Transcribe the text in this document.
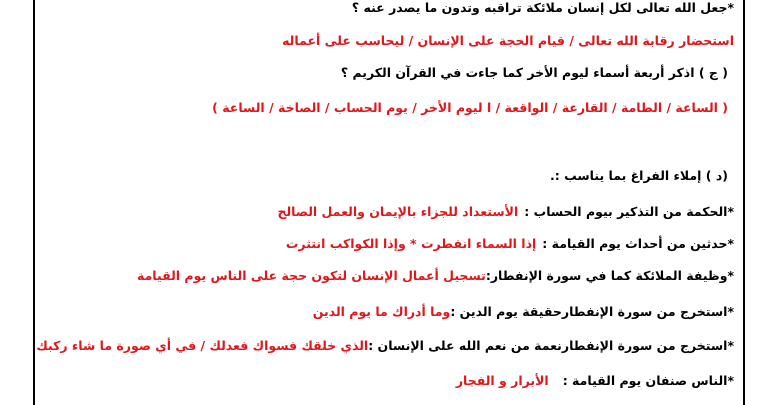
*جعل الله تعالى لكل إنسان ملائكة تراقبه وتدون ما يصدر عنه ؟
استحضار رقابة الله تعالى / قيام الحجة على الإنسان / ليحاسب على أعماله
( ج ) اذكر أربعة أسماء ليوم الأخر كما جاءت في القرآن الكريم ؟
( الساعة / الطامة / القارعة / الواقعة / ا ليوم الأخر / يوم الحساب / الصاخة / الساعة )
(د ) إملاء الفراغ بما يناسب :.
*الحكمة من التذكير بيوم الحساب :الأستعداد للجزاء بالإيمان والعمل الصالح
*حدثين من أحداث يوم القيامة :إذا السماء انفطرت * وإذا الكواكب انتثرت
*وظيفة الملائكة كما في سورة الإنفطار:تسجيل أعمال الإنسان لتكون حجة على الناس يوم القيامة
*استخرج من سورة الإنفطارحقيقة يوم الدين :وما أدراك ما يوم الدين
*استخرج من سورة الإنفطارنعمة من نعم الله على الإنسان :الذي خلقك فسواك فعدلك / في أي صورة ما شاء ركبك
*الناس صنفان يوم القيامة :الأبرار و الفجار
